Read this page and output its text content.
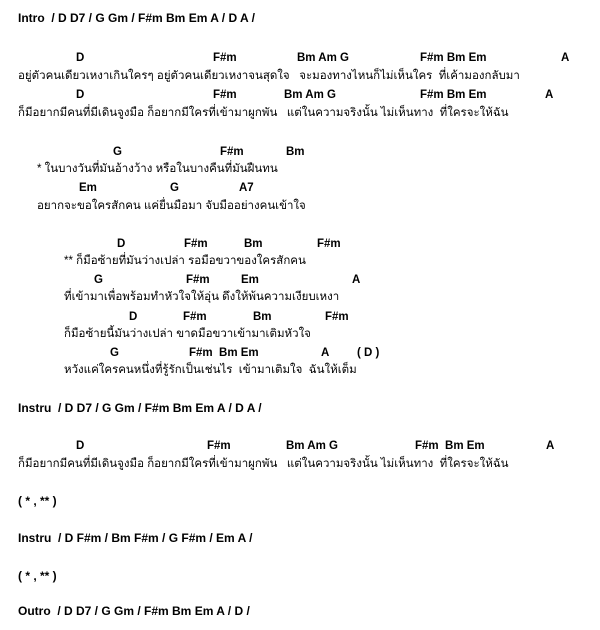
Intro  / D D7 / G Gm / F#m Bm Em A / D A /
D	F#m	Bm Am G	F#m Bm Em	A
อยู่ตัวคนเดียวเหงาเกินใครๆ อยู่ตัวคนเดียวเหงาจนสุดใจ   จะมองทางไหนก็ไม่เห็นใคร  ที่เค้ามองกลับมา
D	F#m	Bm Am G	F#m Bm Em	A
ก็มีอยากมีคนที่มีเดินจูงมือ ก็อยากมีใครที่เข้ามาผูกพัน   แต่ในความจริงนั้น ไม่เห็นทาง  ที่ใครจะให้ฉัน
G	F#m	Bm
* ในบางวันที่มันอ้างว้าง หรือในบางคืนที่มันฝืนทน
Em	G	A7
อยากจะขอใครสักคน แค่ยื่นมือมา จับมืออย่างคนเข้าใจ
D	F#m	Bm	F#m
** ก็มือซ้ายที่มันว่างเปล่า รอมือขวาของใครสักคน
G	F#m	Em	A
ที่เข้ามาเพื่อพร้อมทำหัวใจให้อุ่น ดึงให้พ้นความเงียบเหงา
D	F#m	Bm	F#m
ก็มือซ้ายนี้มันว่างเปล่า ขาดมือขวาเข้ามาเติมหัวใจ
G	F#m  Bm Em	A ( D )
หวังแค่ใครคนหนึ่งที่รู้รักเป็นเช่นไร  เข้ามาเติมใจ  ฉันให้เต็ม
Instru  / D D7 / G Gm / F#m Bm Em A / D A /
D	F#m	Bm Am G	F#m  Bm Em	A
ก็มีอยากมีคนที่มีเดินจูงมือ ก็อยากมีใครที่เข้ามาผูกพัน   แต่ในความจริงนั้น ไม่เห็นทาง  ที่ใครจะให้ฉัน
( * , ** )
Instru  / D F#m / Bm F#m / G F#m / Em A /
( * , ** )
Outro  / D D7 / G Gm / F#m Bm Em A / D /
